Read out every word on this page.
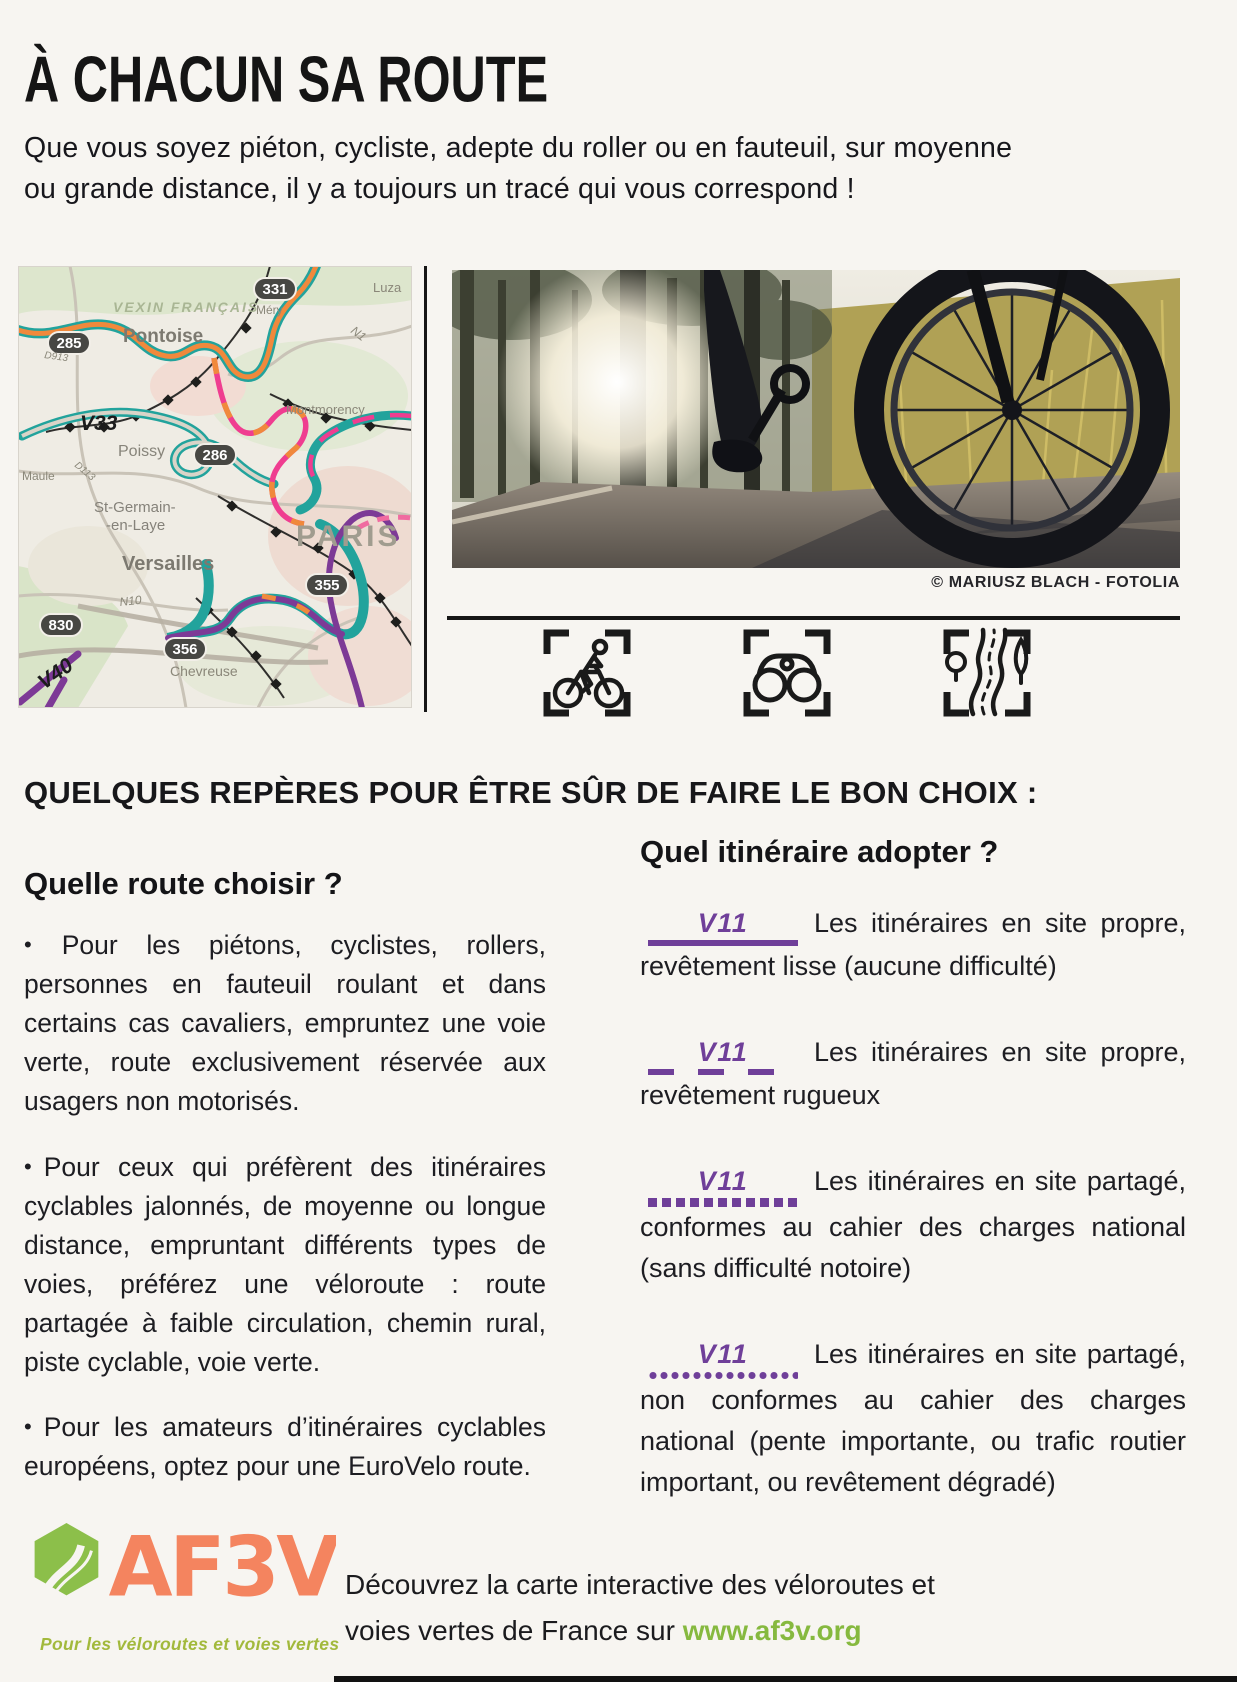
À CHACUN SA ROUTE
Que vous soyez piéton, cycliste, adepte du roller ou en fauteuil, sur moyenne ou grande distance, il y a toujours un tracé qui vous correspond !
VEXIN FRANÇAIS
Poissy
285
331
286
355
830
356
Pontoise
Méry
Luza
N1
D913
Montmorency
V33
Maule D113
St-Germain-
-en-Laye	PARIS
Versailles
N10
Chevreuse
V40
© MARIUSZ BLACH - FOTOLIA
QUELQUES REPÈRES POUR ÊTRE SÛR DE FAIRE LE BON CHOIX :
Quelle route choisir ?

• Pour les piétons, cyclistes, rollers, personnes en fauteuil roulant et dans certains cas cavaliers, empruntez une voie verte, route exclusivement réservée aux usagers non motorisés.

• Pour ceux qui préfèrent des itinéraires cyclables jalonnés, de moyenne ou longue distance, empruntant différents types de voies, préférez une véloroute : route partagée à faible circulation, chemin rural, piste cyclable, voie verte.

• Pour les amateurs d’itinéraires cyclables européens, optez pour une EuroVelo route.

Quel itinéraire adopter ?

V11	Les itinéraires en site propre, revêtement lisse (aucune difficulté)

V11	Les itinéraires en site propre, revêtement rugueux

V11	Les itinéraires en site partagé, conformes au cahier des charges national (sans difficulté notoire)

V11	Les itinéraires en site partagé, non conformes au cahier des charges national (pente importante, ou trafic routier important, ou revêtement dégradé)

AF3V
Pour les véloroutes et voies vertes
Découvrez la carte interactive des véloroutes et
voies vertes de France sur www.af3v.org
